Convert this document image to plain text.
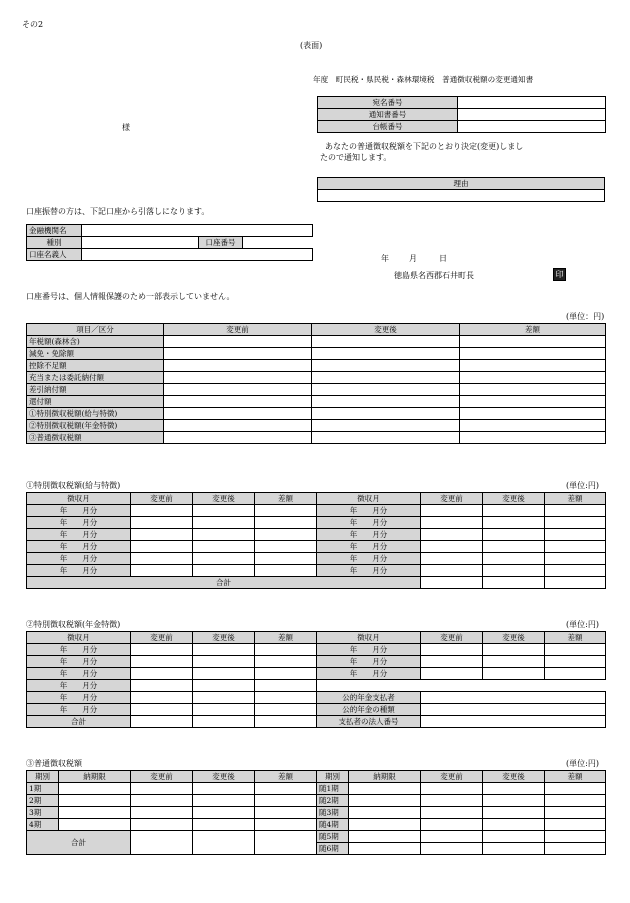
その2
(表面)
年度　町民税・県民税・森林環境税　普通徴収税額の変更通知書
様
宛名番号	
通知書番号	
台帳番号	
あなたの普通徴収税額を下記のとおり決定(変更)しまし
たので通知します。
理由

口座振替の方は、下記口座から引落しになります。
金融機関名			
種別		口座番号	
口座名義人				年	月	日
徳島県名西郡石井町長	印
口座番号は、個人情報保護のため一部表示していません。
(単位：円)
項目／区分	変更前	変更後	差額
年税額(森林含)			
減免・免除額			
控除不足額			
充当または委託納付額			
差引納付額			
還付額			
①特別徴収税額(給与特徴)			
②特別徴収税額(年金特徴)			
③普通徴収税額			
①特別徴収税額(給与特徴)	(単位:円)
徴収月	変更前	変更後	差額	徴収月	変更前	変更後	差額
年　　月分				年　　月分			
年　　月分				年　　月分			
年　　月分				年　　月分			
年　　月分				年　　月分			
年　　月分				年　　月分			
年　　月分				年　　月分			
合計							
②特別徴収税額(年金特徴)	(単位:円)
徴収月	変更前	変更後	差額	徴収月	変更前	変更後	差額
年　　月分				年　　月分			
年　　月分				年　　月分			
年　　月分				年　　月分			
年　　月分							
年　　月分				公的年金支払者			
年　　月分				公的年金の種類			
合計				支払者の法人番号			
③普通徴収税額	(単位:円)
期別	納期限	変更前	変更後	差額	期別	納期限	変更前	変更後	差額
1期					随1期				
2期					随2期				
3期					随3期				
4期					随4期				
合計					随5期				
					随6期				
